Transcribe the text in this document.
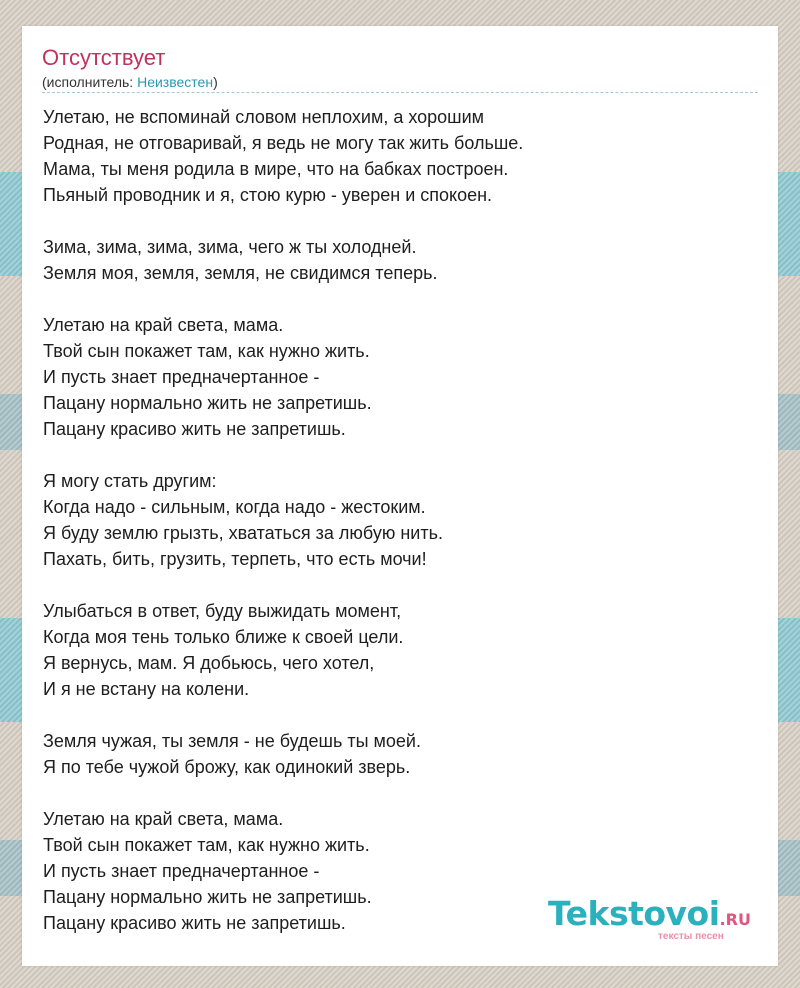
Отсутствует
(исполнитель: Неизвестен)
Улетаю, не вспоминай словом неплохим, а хорошим
Родная, не отговаривай, я ведь не могу так жить больше.
Мама, ты меня родила в мире, что на бабках построен.
Пьяный проводник и я, стою курю - уверен и спокоен.
Зима, зима, зима, зима, чего ж ты холодней.
Земля моя, земля, земля, не свидимся теперь.
Улетаю на край света, мама.
Твой сын покажет там, как нужно жить.
И пусть знает предначертанное -
Пацану нормально жить не запретишь.
Пацану красиво жить не запретишь.
Я могу стать другим:
Когда надо - сильным, когда надо - жестоким.
Я буду землю грызть, хвататься за любую нить.
Пахать, бить, грузить, терпеть, что есть мочи!
Улыбаться в ответ, буду выжидать момент,
Когда моя тень только ближе к своей цели.
Я вернусь, мам. Я добьюсь, чего хотел,
И я не встану на колени.
Земля чужая, ты земля - не будешь ты моей.
Я по тебе чужой брожу, как одинокий зверь.
Улетаю на край света, мама.
Твой сын покажет там, как нужно жить.
И пусть знает предначертанное -
Пацану нормально жить не запретишь.
Пацану красиво жить не запретишь.	Tekstovoi.RU
тексты песен
